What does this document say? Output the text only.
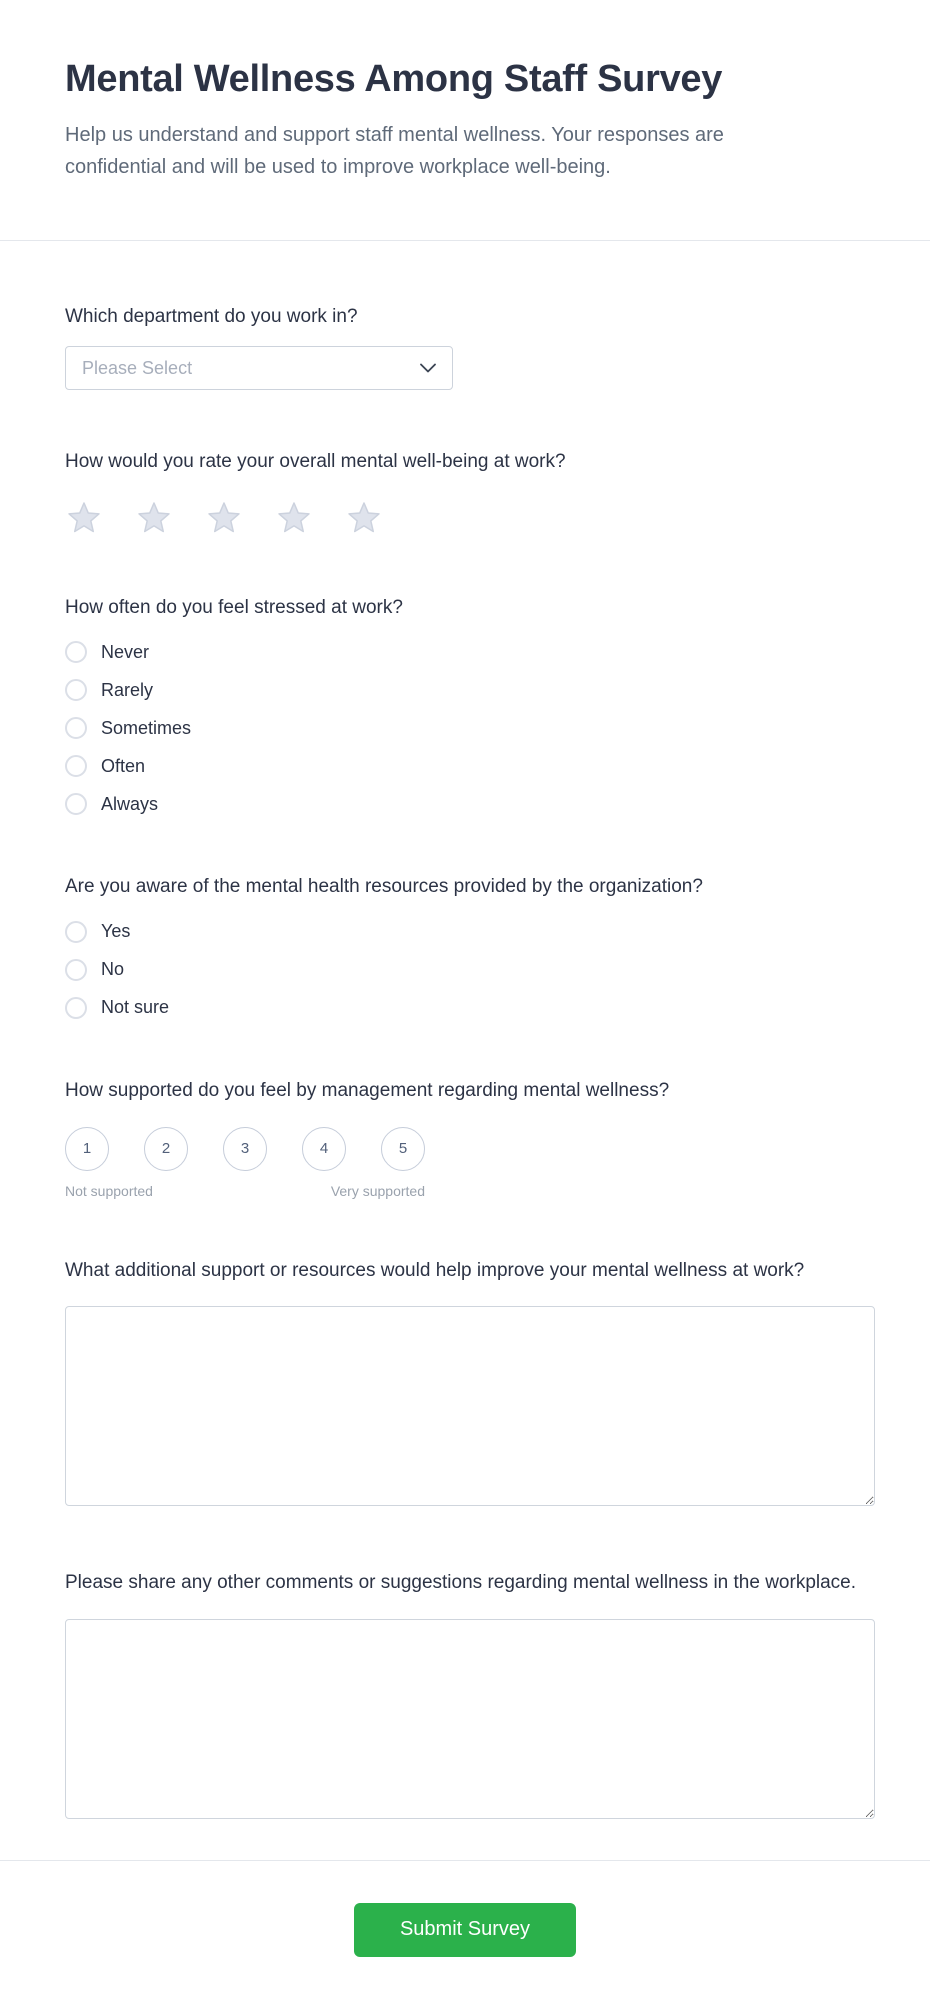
Mental Wellness Among Staff Survey

Help us understand and support staff mental wellness. Your responses are confidential and will be used to improve workplace well-being.

Which department do you work in?
Please Select
How would you rate your overall mental well-being at work?
How often do you feel stressed at work?
Never
Rarely
Sometimes
Often
Always
Are you aware of the mental health resources provided by the organization?
Yes
No
Not sure
How supported do you feel by management regarding mental wellness?
1	2	3	4	5
Not supported	Very supported
What additional support or resources would help improve your mental wellness at work?
Please share any other comments or suggestions regarding mental wellness in the workplace.
Submit Survey
